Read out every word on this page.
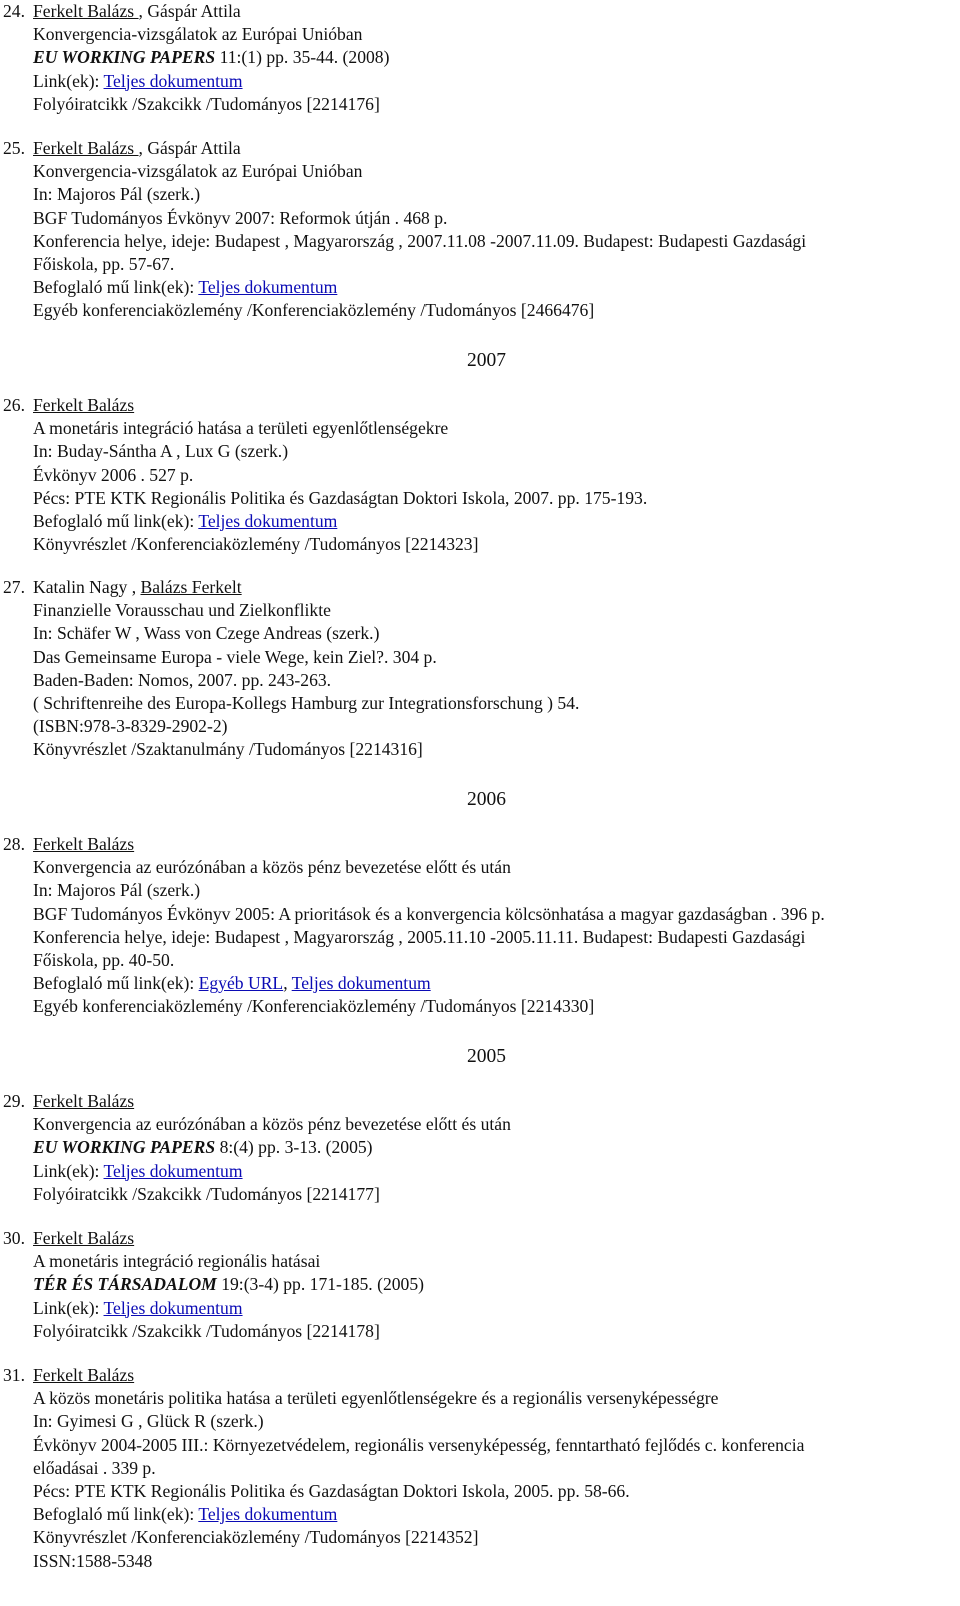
24. Ferkelt Balázs , Gáspár Attila
Konvergencia-vizsgálatok az Európai Unióban
EU WORKING PAPERS 11:(1) pp. 35-44. (2008)
Link(ek): Teljes dokumentum
Folyóiratcikk /Szakcikk /Tudományos [2214176]
25. Ferkelt Balázs , Gáspár Attila
Konvergencia-vizsgálatok az Európai Unióban
In: Majoros Pál (szerk.)
BGF Tudományos Évkönyv 2007: Reformok útján . 468 p.
Konferencia helye, ideje: Budapest , Magyarország , 2007.11.08 -2007.11.09. Budapest: Budapesti Gazdasági
Főiskola, pp. 57-67.
Befoglaló mű link(ek): Teljes dokumentum
Egyéb konferenciaközlemény /Konferenciaközlemény /Tudományos [2466476]
2007
26. Ferkelt Balázs
A monetáris integráció hatása a területi egyenlőtlenségekre
In: Buday-Sántha A , Lux G (szerk.)
Évkönyv 2006 . 527 p.
Pécs: PTE KTK Regionális Politika és Gazdaságtan Doktori Iskola, 2007. pp. 175-193.
Befoglaló mű link(ek): Teljes dokumentum
Könyvrészlet /Konferenciaközlemény /Tudományos [2214323]
27. Katalin Nagy , Balázs Ferkelt
Finanzielle Vorausschau und Zielkonflikte
In: Schäfer W , Wass von Czege Andreas (szerk.)
Das Gemeinsame Europa - viele Wege, kein Ziel?. 304 p.
Baden-Baden: Nomos, 2007. pp. 243-263.
( Schriftenreihe des Europa-Kollegs Hamburg zur Integrationsforschung ) 54.
(ISBN:978-3-8329-2902-2)
Könyvrészlet /Szaktanulmány /Tudományos [2214316]
2006
28. Ferkelt Balázs
Konvergencia az eurózónában a közös pénz bevezetése előtt és után
In: Majoros Pál (szerk.)
BGF Tudományos Évkönyv 2005: A prioritások és a konvergencia kölcsönhatása a magyar gazdaságban . 396 p.
Konferencia helye, ideje: Budapest , Magyarország , 2005.11.10 -2005.11.11. Budapest: Budapesti Gazdasági
Főiskola, pp. 40-50.
Befoglaló mű link(ek): Egyéb URL, Teljes dokumentum
Egyéb konferenciaközlemény /Konferenciaközlemény /Tudományos [2214330]
2005
29. Ferkelt Balázs
Konvergencia az eurózónában a közös pénz bevezetése előtt és után
EU WORKING PAPERS 8:(4) pp. 3-13. (2005)
Link(ek): Teljes dokumentum
Folyóiratcikk /Szakcikk /Tudományos [2214177]
30. Ferkelt Balázs
A monetáris integráció regionális hatásai
TÉR ÉS TÁRSADALOM 19:(3-4) pp. 171-185. (2005)
Link(ek): Teljes dokumentum
Folyóiratcikk /Szakcikk /Tudományos [2214178]
31. Ferkelt Balázs
A közös monetáris politika hatása a területi egyenlőtlenségekre és a regionális versenyképességre
In: Gyimesi G , Glück R (szerk.)
Évkönyv 2004-2005 III.: Környezetvédelem, regionális versenyképesség, fenntartható fejlődés c. konferencia
előadásai . 339 p.
Pécs: PTE KTK Regionális Politika és Gazdaságtan Doktori Iskola, 2005. pp. 58-66.
Befoglaló mű link(ek): Teljes dokumentum
Könyvrészlet /Konferenciaközlemény /Tudományos [2214352]
ISSN:1588-5348
